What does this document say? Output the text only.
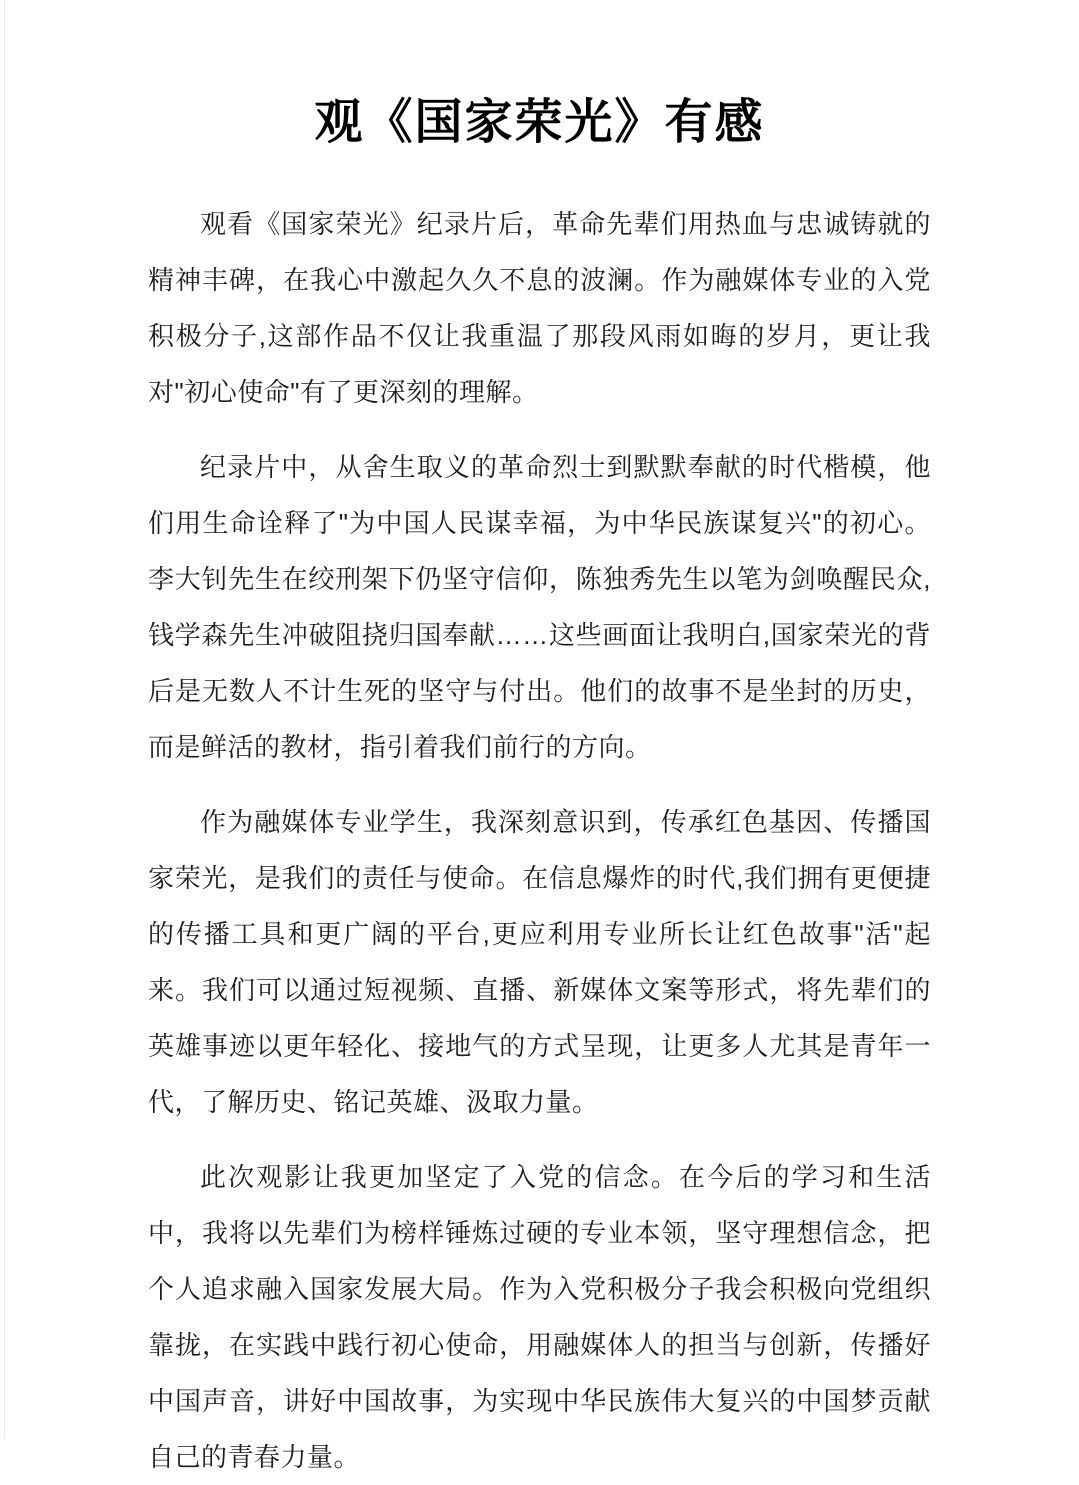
观《国家荣光》有感

观看《国家荣光》纪录片后，革命先辈们用热血与忠诚铸就的精神丰碑，在我心中激起久久不息的波澜。作为融媒体专业的入党积极分子,这部作品不仅让我重温了那段风雨如晦的岁月，更让我对"初心使命"有了更深刻的理解。

纪录片中，从舍生取义的革命烈士到默默奉献的时代楷模，他们用生命诠释了"为中国人民谋幸福，为中华民族谋复兴"的初心。李大钊先生在绞刑架下仍坚守信仰，陈独秀先生以笔为剑唤醒民众,钱学森先生冲破阻挠归国奉献……这些画面让我明白,国家荣光的背后是无数人不计生死的坚守与付出。他们的故事不是坐封的历史，而是鲜活的教材，指引着我们前行的方向。

作为融媒体专业学生，我深刻意识到，传承红色基因、传播国家荣光，是我们的责任与使命。在信息爆炸的时代,我们拥有更便捷的传播工具和更广阔的平台,更应利用专业所长让红色故事"活"起来。我们可以通过短视频、直播、新媒体文案等形式，将先辈们的英雄事迹以更年轻化、接地气的方式呈现，让更多人尤其是青年一代，了解历史、铭记英雄、汲取力量。

此次观影让我更加坚定了入党的信念。在今后的学习和生活中，我将以先辈们为榜样锤炼过硬的专业本领，坚守理想信念，把个人追求融入国家发展大局。作为入党积极分子我会积极向党组织靠拢，在实践中践行初心使命，用融媒体人的担当与创新，传播好中国声音，讲好中国故事，为实现中华民族伟大复兴的中国梦贡献自己的青春力量。
